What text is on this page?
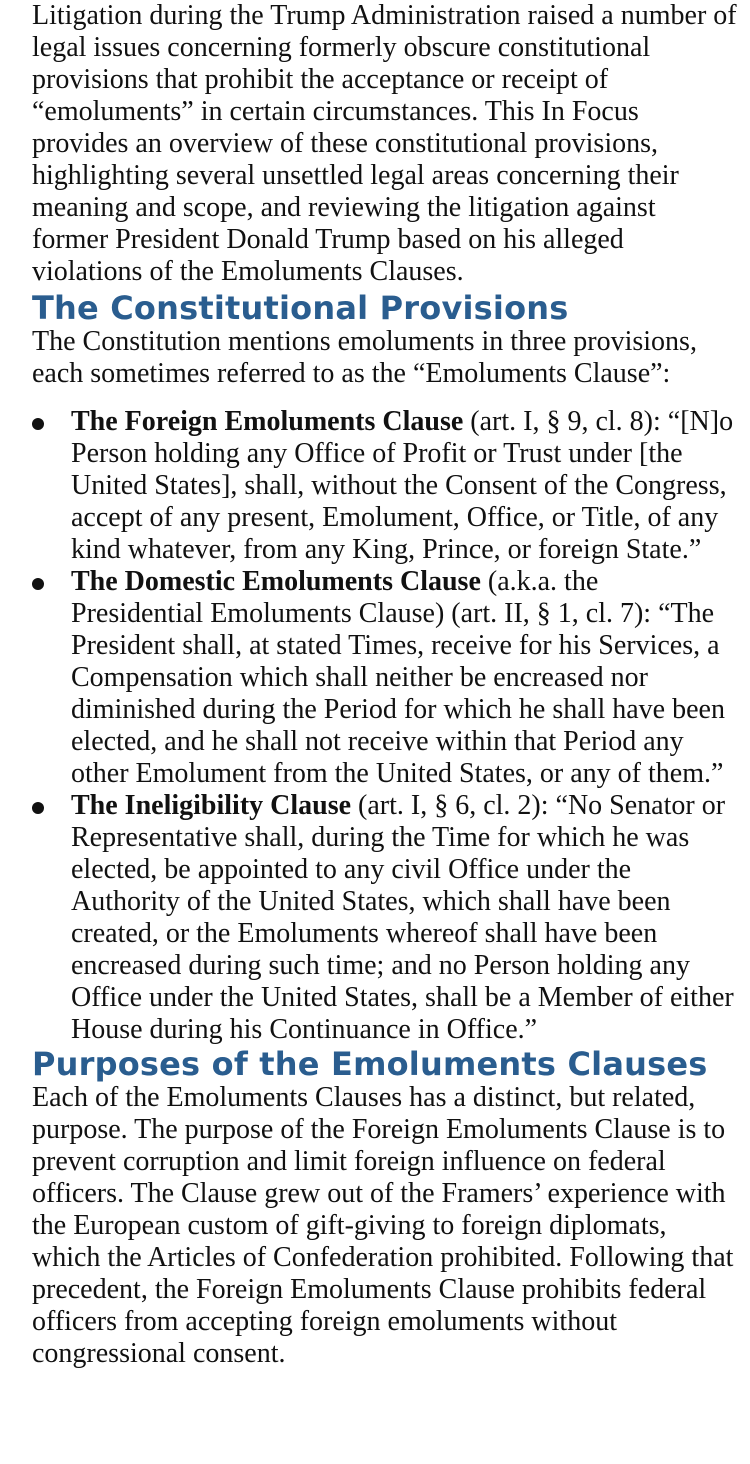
Litigation during the Trump Administration raised a number of legal issues concerning formerly obscure constitutional provisions that prohibit the acceptance or receipt of “emoluments” in certain circumstances. This In Focus provides an overview of these constitutional provisions, highlighting several unsettled legal areas concerning their meaning and scope, and reviewing the litigation against former President Donald Trump based on his alleged violations of the Emoluments Clauses.

The Constitutional Provisions

The Constitution mentions emoluments in three provisions, each sometimes referred to as the “Emoluments Clause”:

The Foreign Emoluments Clause (art. I, § 9, cl. 8): “[N]o Person holding any Office of Profit or Trust under [the United States], shall, without the Consent of the Congress, accept of any present, Emolument, Office, or Title, of any kind whatever, from any King, Prince, or foreign State.”
The Domestic Emoluments Clause (a.k.a. the Presidential Emoluments Clause) (art. II, § 1, cl. 7): “The President shall, at stated Times, receive for his Services, a Compensation which shall neither be encreased nor diminished during the Period for which he shall have been elected, and he shall not receive within that Period any other Emolument from the United States, or any of them.”
The Ineligibility Clause (art. I, § 6, cl. 2): “No Senator or Representative shall, during the Time for which he was elected, be appointed to any civil Office under the Authority of the United States, which shall have been created, or the Emoluments whereof shall have been encreased during such time; and no Person holding any Office under the United States, shall be a Member of either House during his Continuance in Office.”
Purposes of the Emoluments Clauses

Each of the Emoluments Clauses has a distinct, but related, purpose. The purpose of the Foreign Emoluments Clause is to prevent corruption and limit foreign influence on federal officers. The Clause grew out of the Framers’ experience with the European custom of gift-giving to foreign diplomats, which the Articles of Confederation prohibited. Following that precedent, the Foreign Emoluments Clause prohibits federal officers from accepting foreign emoluments without congressional consent.
